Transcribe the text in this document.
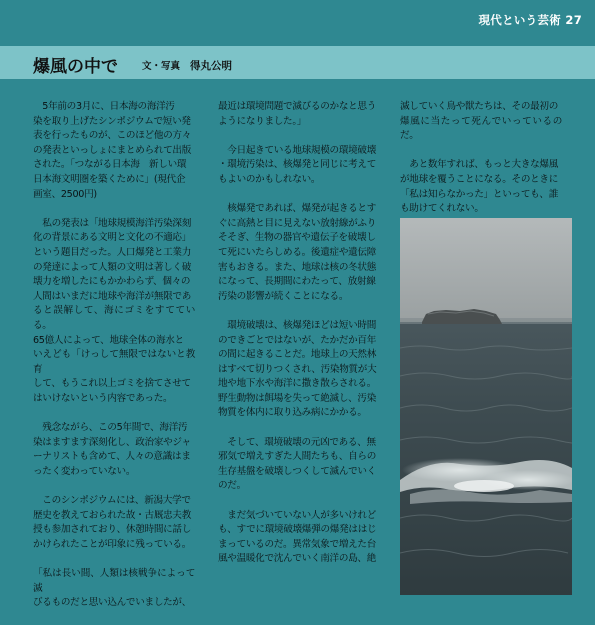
現代という芸術 27
爆風の中で	文・写真 得丸公明

　5年前の3月に、日本海の海洋汚
染を取り上げたシンポジウムで短い発
表を行ったものが、このほど他の方々
の発表といっしょにまとめられて出版
された。「つながる日本海　新しい環
日本海文明圏を築くために」(現代企
画室、2500円)

　私の発表は「地球規模海洋汚染深刻
化の背景にある文明と文化の不適応」
という題目だった。人口爆発と工業力
の発達によって人類の文明は著しく破
壊力を増したにもかかわらず、個々の
人間はいまだに地球や海洋が無限であ
ると誤解して、海にゴミをすてている。
65億人によって、地球全体の海水と
いえども「けっして無限ではないと教育
して、もうこれ以上ゴミを捨てさせて
はいけないという内容であった。

　残念ながら、この5年間で、海洋汚
染はますます深刻化し、政治家やジャ
ーナリストも含めて、人々の意識はま
ったく変わっていない。

　このシンポジウムには、新潟大学で
歴史を教えておられた故・古厩忠夫教
授も参加されており、休憩時間に話し
かけられたことが印象に残っている。

「私は長い間、人類は核戦争によって滅
びるものだと思い込んでいましたが、

最近は環境問題で滅びるのかなと思う
ようになりました。」

　今日起きている地球規模の環境破壊
・環境汚染は、核爆発と同じに考えて
もよいのかもしれない。

　核爆発であれば、爆発が起きるとす
ぐに高熱と目に見えない放射線がふり
そそぎ、生物の器官や遺伝子を破壊し
て死にいたらしめる。後遺症や遺伝障
害もおきる。また、地球は核の冬状態
になって、長期間にわたって、放射線
汚染の影響が続くことになる。

　環境破壊は、核爆発ほどは短い時間
のできごとではないが、たかだか百年
の間に起きることだ。地球上の天然林
はすべて切りつくされ、汚染物質が大
地や地下水や海洋に撒き散らされる。
野生動物は餌場を失って絶滅し、汚染
物質を体内に取り込み病にかかる。

　そして、環境破壊の元凶である、無
邪気で増えすぎた人間たちも、自らの
生存基盤を破壊しつくして滅んでいく
のだ。

　まだ気づいていない人が多いけれど
も、すでに環境破壊爆弾の爆発ははじ
まっているのだ。異常気象で増えた台
風や温暖化で沈んでいく南洋の島、絶

滅していく鳥や獣たちは、その最初の
爆風に当たって死んでいっているのだ。

　あと数年すれば、もっと大きな爆風
が地球を覆うことになる。そのときに
「私は知らなかった」といっても、誰
も助けてくれない。
